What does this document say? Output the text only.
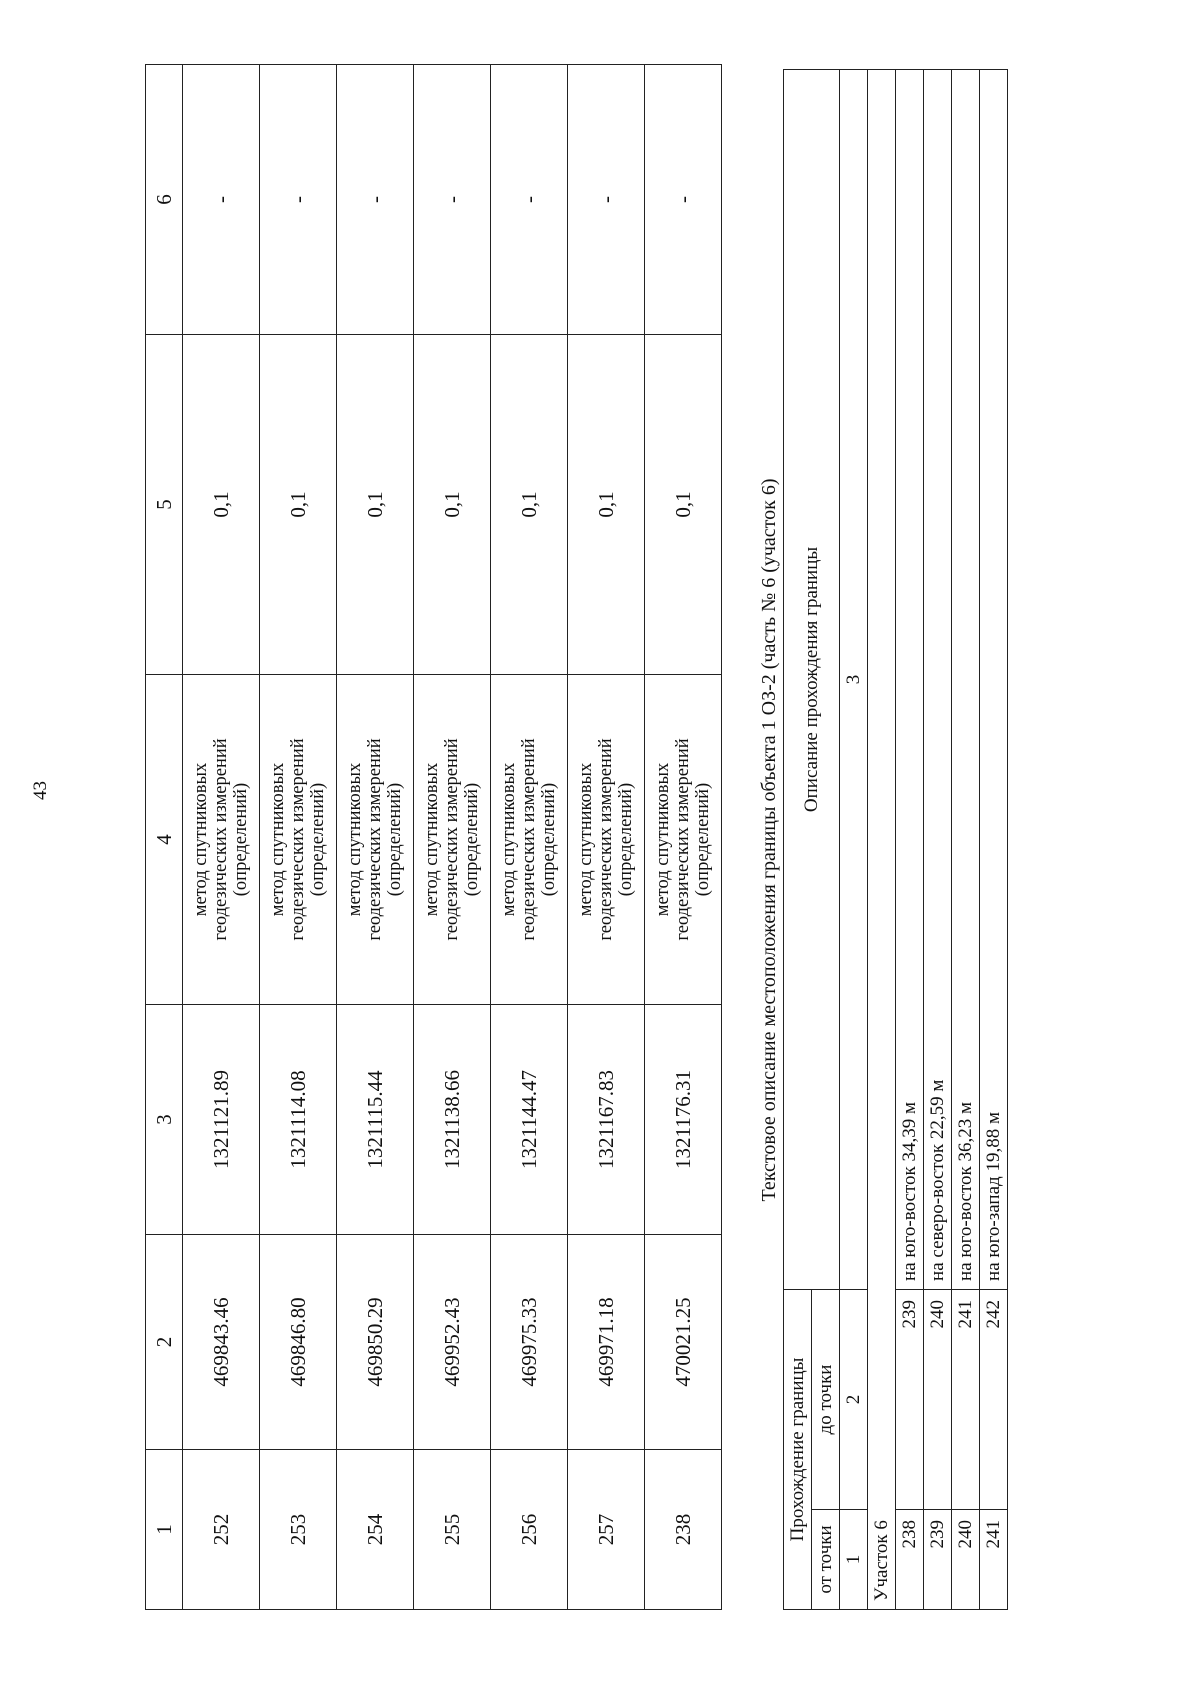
43
1	2	3	4	5	6
252	469843.46	1321121.89	метод спутниковых геодезических измерений (определений)	0,1	-
253	469846.80	1321114.08	метод спутниковых геодезических измерений (определений)	0,1	-
254	469850.29	1321115.44	метод спутниковых геодезических измерений (определений)	0,1	-
255	469952.43	1321138.66	метод спутниковых геодезических измерений (определений)	0,1	-
256	469975.33	1321144.47	метод спутниковых геодезических измерений (определений)	0,1	-
257	469971.18	1321167.83	метод спутниковых геодезических измерений (определений)	0,1	-
238	470021.25	1321176.31	метод спутниковых геодезических измерений (определений)	0,1	-
Текстовое описание местоположения границы объекта 1 ОЗ-2 (часть № 6 (участок 6)
Прохождение границы		Описание прохождения границы
от точки	до точки	
1	2	3
Участок 6		
238	239	на юго-восток 34,39 м
239	240	на северо-восток 22,59 м
240	241	на юго-восток 36,23 м
241	242	на юго-запад 19,88 м
